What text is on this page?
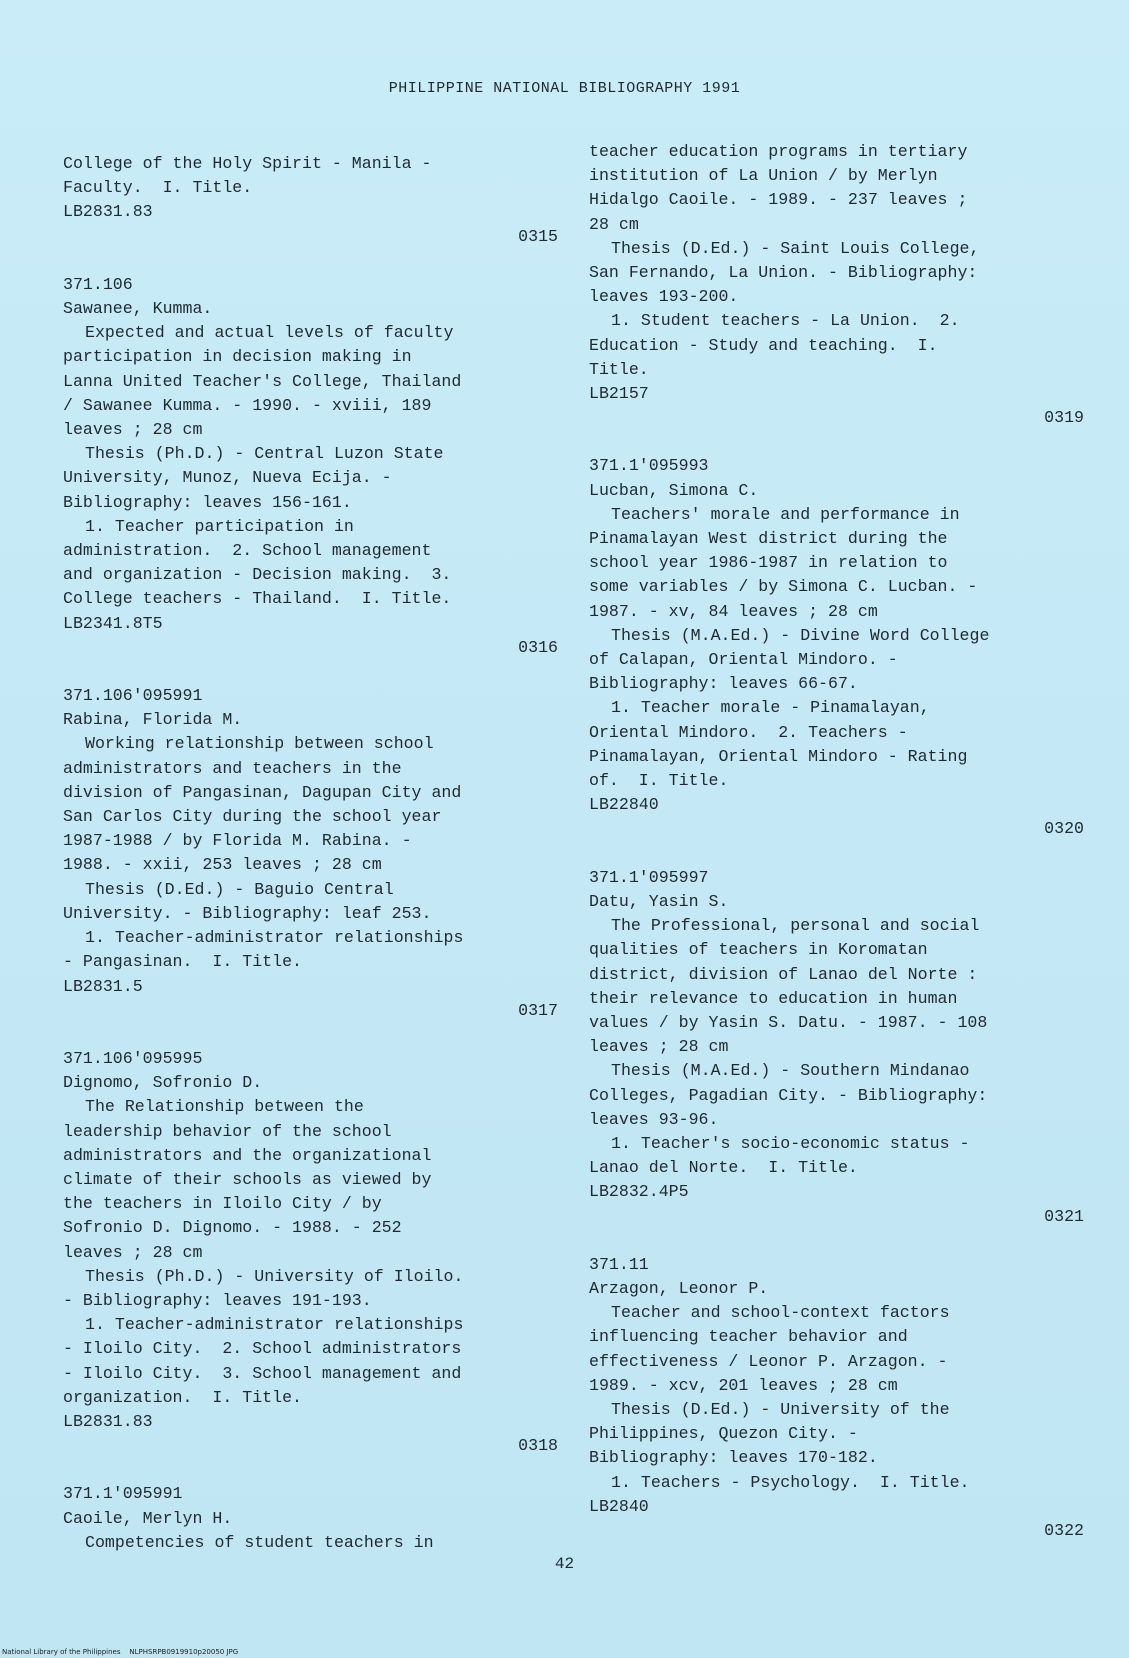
PHILIPPINE NATIONAL BIBLIOGRAPHY 1991
College of the Holy Spirit - Manila -
Faculty.  I. Title.
LB2831.83
0315
371.106
Sawanee, Kumma.
Expected and actual levels of faculty
participation in decision making in
Lanna United Teacher's College, Thailand
/ Sawanee Kumma. - 1990. - xviii, 189
leaves ; 28 cm
Thesis (Ph.D.) - Central Luzon State
University, Munoz, Nueva Ecija. -
Bibliography: leaves 156-161.
1. Teacher participation in
administration.  2. School management
and organization - Decision making.  3.
College teachers - Thailand.  I. Title.
LB2341.8T5
0316
371.106'095991
Rabina, Florida M.
Working relationship between school
administrators and teachers in the
division of Pangasinan, Dagupan City and
San Carlos City during the school year
1987-1988 / by Florida M. Rabina. -
1988. - xxii, 253 leaves ; 28 cm
Thesis (D.Ed.) - Baguio Central
University. - Bibliography: leaf 253.
1. Teacher-administrator relationships
- Pangasinan.  I. Title.
LB2831.5
0317
371.106'095995
Dignomo, Sofronio D.
The Relationship between the
leadership behavior of the school
administrators and the organizational
climate of their schools as viewed by
the teachers in Iloilo City / by
Sofronio D. Dignomo. - 1988. - 252
leaves ; 28 cm
Thesis (Ph.D.) - University of Iloilo.
- Bibliography: leaves 191-193.
1. Teacher-administrator relationships
- Iloilo City.  2. School administrators
- Iloilo City.  3. School management and
organization.  I. Title.
LB2831.83
0318
371.1'095991
Caoile, Merlyn H.
Competencies of student teachers in
teacher education programs in tertiary
institution of La Union / by Merlyn
Hidalgo Caoile. - 1989. - 237 leaves ;
28 cm
Thesis (D.Ed.) - Saint Louis College,
San Fernando, La Union. - Bibliography:
leaves 193-200.
1. Student teachers - La Union.  2.
Education - Study and teaching.  I.
Title.
LB2157
0319
371.1'095993
Lucban, Simona C.
Teachers' morale and performance in
Pinamalayan West district during the
school year 1986-1987 in relation to
some variables / by Simona C. Lucban. -
1987. - xv, 84 leaves ; 28 cm
Thesis (M.A.Ed.) - Divine Word College
of Calapan, Oriental Mindoro. -
Bibliography: leaves 66-67.
1. Teacher morale - Pinamalayan,
Oriental Mindoro.  2. Teachers -
Pinamalayan, Oriental Mindoro - Rating
of.  I. Title.
LB22840
0320
371.1'095997
Datu, Yasin S.
The Professional, personal and social
qualities of teachers in Koromatan
district, division of Lanao del Norte :
their relevance to education in human
values / by Yasin S. Datu. - 1987. - 108
leaves ; 28 cm
Thesis (M.A.Ed.) - Southern Mindanao
Colleges, Pagadian City. - Bibliography:
leaves 93-96.
1. Teacher's socio-economic status -
Lanao del Norte.  I. Title.
LB2832.4P5
0321
371.11
Arzagon, Leonor P.
Teacher and school-context factors
influencing teacher behavior and
effectiveness / Leonor P. Arzagon. -
1989. - xcv, 201 leaves ; 28 cm
Thesis (D.Ed.) - University of the
Philippines, Quezon City. -
Bibliography: leaves 170-182.
1. Teachers - Psychology.  I. Title.
LB2840
0322
42
National Library of the Philippines    NLPHSRPB0919910p20050 JPG
